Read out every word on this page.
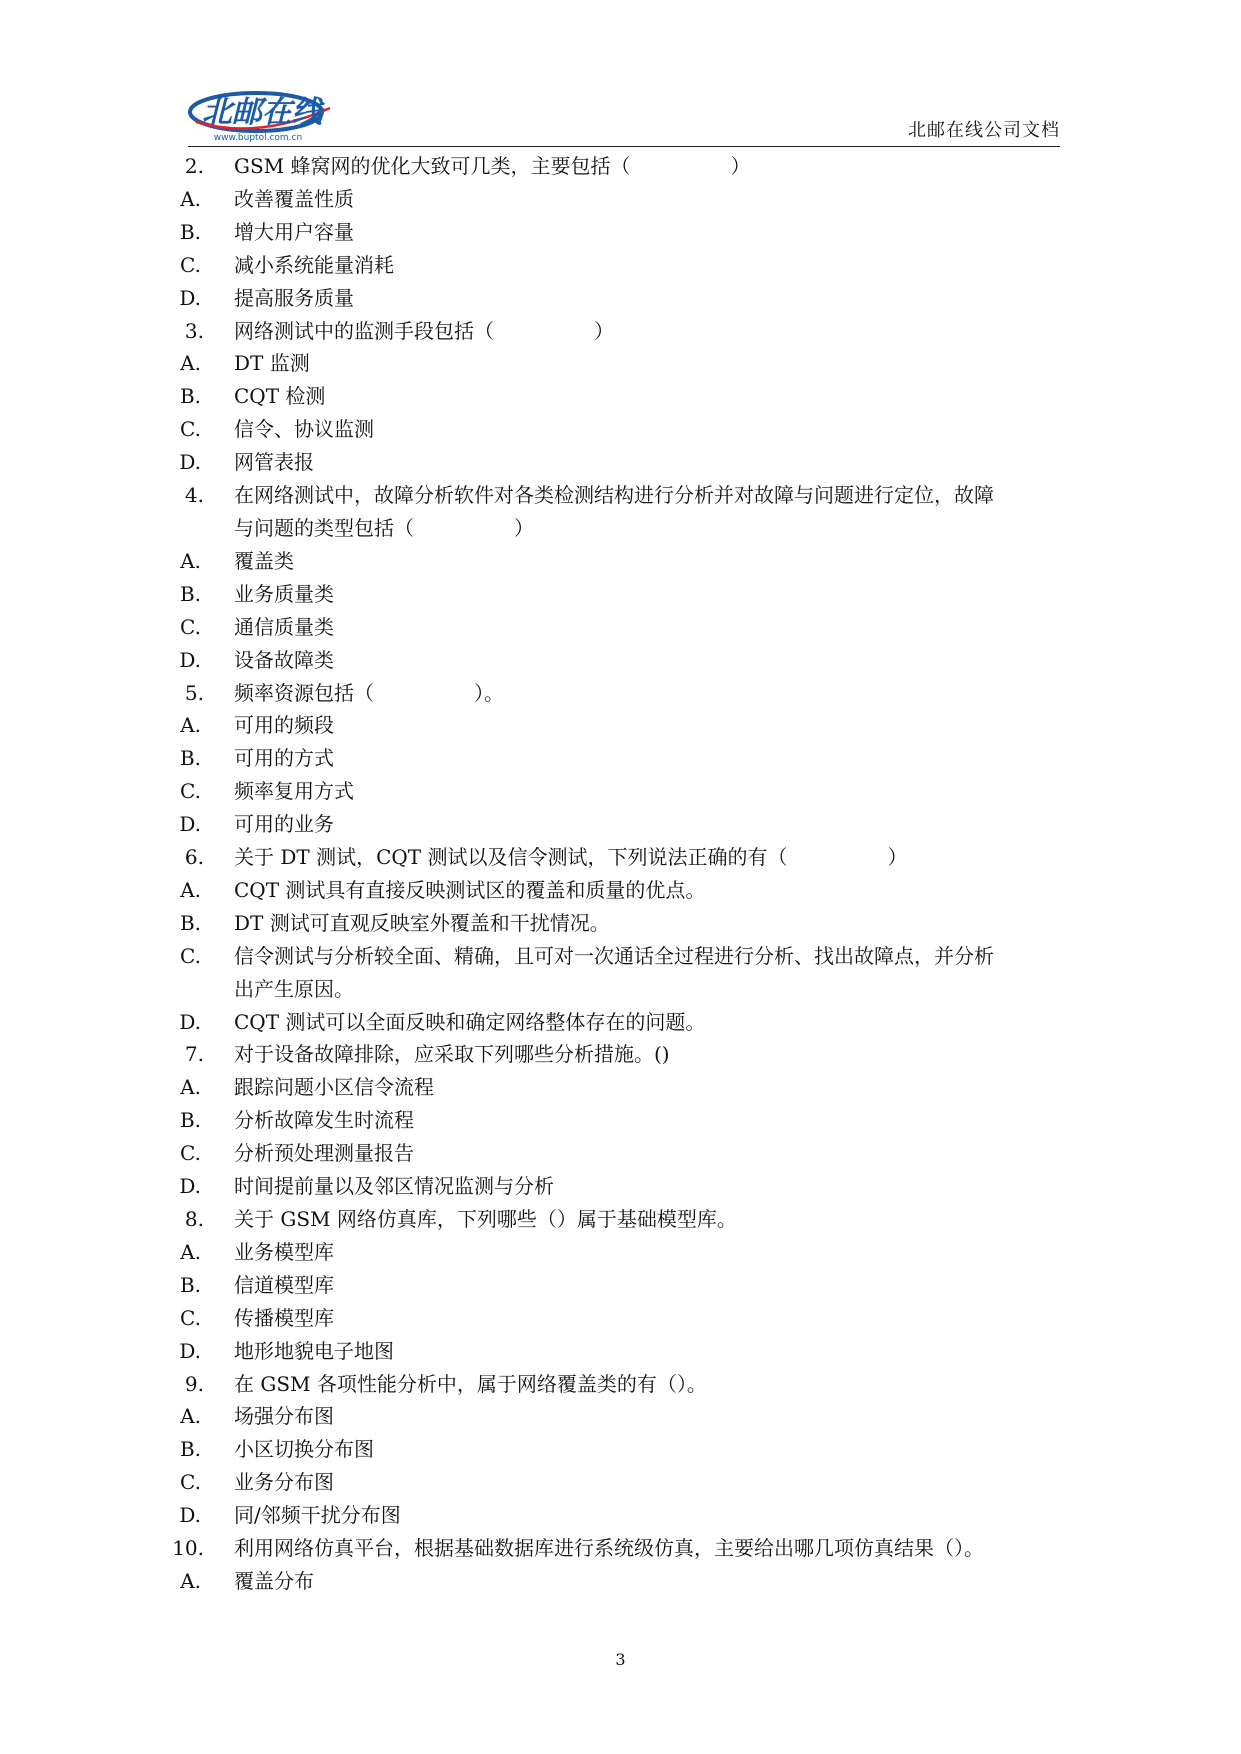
北邮在线
www.buptol.com.cn	北邮在线公司文档
2.	GSM 蜂窝网的优化大致可几类，主要包括（　　　　　）
A.	改善覆盖性质
B.	增大用户容量
C.	减小系统能量消耗
D.	提高服务质量
3.	网络测试中的监测手段包括（　　　　　）
A.	DT 监测
B.	CQT 检测
C.	信令、协议监测
D.	网管表报
4.	在网络测试中，故障分析软件对各类检测结构进行分析并对故障与问题进行定位，故障
与问题的类型包括（　　　　　）
A.	覆盖类
B.	业务质量类
C.	通信质量类
D.	设备故障类
5.	频率资源包括（　　　　　）。
A.	可用的频段
B.	可用的方式
C.	频率复用方式
D.	可用的业务
6.	关于 DT 测试，CQT 测试以及信令测试，下列说法正确的有（　　　　　）
A.	CQT 测试具有直接反映测试区的覆盖和质量的优点。
B.	DT 测试可直观反映室外覆盖和干扰情况。
C.	信令测试与分析较全面、精确，且可对一次通话全过程进行分析、找出故障点，并分析
出产生原因。
D.	CQT 测试可以全面反映和确定网络整体存在的问题。
7.	对于设备故障排除，应采取下列哪些分析措施。()
A.	跟踪问题小区信令流程
B.	分析故障发生时流程
C.	分析预处理测量报告
D.	时间提前量以及邻区情况监测与分析
8.	关于 GSM 网络仿真库，下列哪些（）属于基础模型库。
A.	业务模型库
B.	信道模型库
C.	传播模型库
D.	地形地貌电子地图
9.	在 GSM 各项性能分析中，属于网络覆盖类的有（）。
A.	场强分布图
B.	小区切换分布图
C.	业务分布图
D.	同/邻频干扰分布图
10.	利用网络仿真平台，根据基础数据库进行系统级仿真，主要给出哪几项仿真结果（）。
A.	覆盖分布
3
